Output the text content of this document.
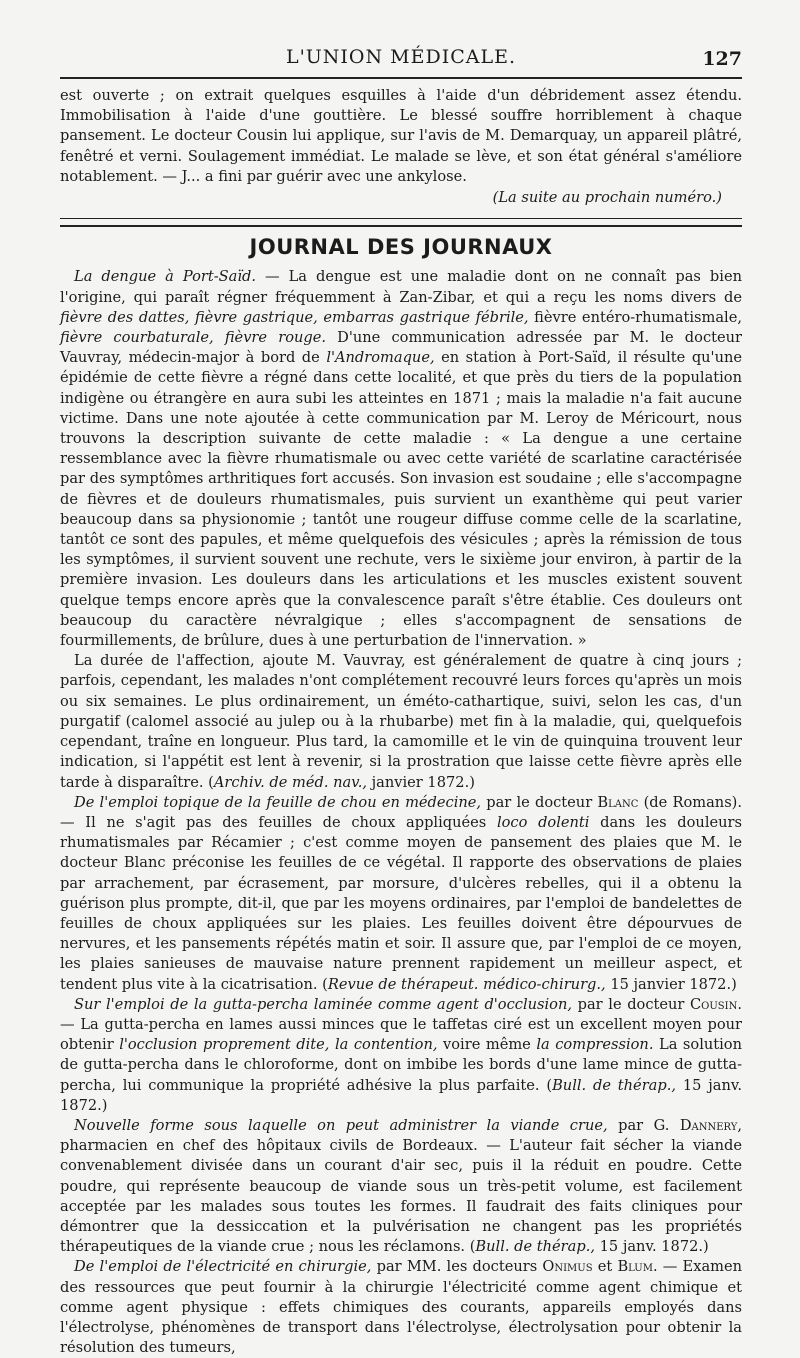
L'UNION MÉDICALE.	127

est ouverte ; on extrait quelques esquilles à l'aide d'un débridement assez étendu. Immobilisation à l'aide d'une gouttière. Le blessé souffre horriblement à chaque pansement. Le docteur Cousin lui applique, sur l'avis de M. Demarquay, un appareil plâtré, fenêtré et verni. Soulagement immédiat. Le malade se lève, et son état général s'améliore notablement. — J... a fini par guérir avec une ankylose.

(La suite au prochain numéro.)

JOURNAL DES JOURNAUX

La dengue à Port-Saïd. — La dengue est une maladie dont on ne connaît pas bien l'origine, qui paraît régner fréquemment à Zan-Zibar, et qui a reçu les noms divers de fièvre des dattes, fièvre gastrique, embarras gastrique fébrile, fièvre entéro-rhumatismale, fièvre courbaturale, fièvre rouge. D'une communication adressée par M. le docteur Vauvray, médecin-major à bord de l'Andromaque, en station à Port-Saïd, il résulte qu'une épidémie de cette fièvre a régné dans cette localité, et que près du tiers de la population indigène ou étrangère en aura subi les atteintes en 1871 ; mais la maladie n'a fait aucune victime. Dans une note ajoutée à cette communication par M. Leroy de Méricourt, nous trouvons la description suivante de cette maladie : « La dengue a une certaine ressemblance avec la fièvre rhumatismale ou avec cette variété de scarlatine caractérisée par des symptômes arthritiques fort accusés. Son invasion est soudaine ; elle s'accompagne de fièvres et de douleurs rhumatismales, puis survient un exanthème qui peut varier beaucoup dans sa physionomie ; tantôt une rougeur diffuse comme celle de la scarlatine, tantôt ce sont des papules, et même quelquefois des vésicules ; après la rémission de tous les symptômes, il survient souvent une rechute, vers le sixième jour environ, à partir de la première invasion. Les douleurs dans les articulations et les muscles existent souvent quelque temps encore après que la convalescence paraît s'être établie. Ces douleurs ont beaucoup du caractère névralgique ; elles s'accompagnent de sensations de fourmillements, de brûlure, dues à une perturbation de l'innervation. »

La durée de l'affection, ajoute M. Vauvray, est généralement de quatre à cinq jours ; parfois, cependant, les malades n'ont complétement recouvré leurs forces qu'après un mois ou six semaines. Le plus ordinairement, un éméto-cathartique, suivi, selon les cas, d'un purgatif (calomel associé au julep ou à la rhubarbe) met fin à la maladie, qui, quelquefois cependant, traîne en longueur. Plus tard, la camomille et le vin de quinquina trouvent leur indication, si l'appétit est lent à revenir, si la prostration que laisse cette fièvre après elle tarde à disparaître. (Archiv. de méd. nav., janvier 1872.)

De l'emploi topique de la feuille de chou en médecine, par le docteur Blanc (de Romans). — Il ne s'agit pas des feuilles de choux appliquées loco dolenti dans les douleurs rhumatismales par Récamier ; c'est comme moyen de pansement des plaies que M. le docteur Blanc préconise les feuilles de ce végétal. Il rapporte des observations de plaies par arrachement, par écrasement, par morsure, d'ulcères rebelles, qui il a obtenu la guérison plus prompte, dit-il, que par les moyens ordinaires, par l'emploi de bandelettes de feuilles de choux appliquées sur les plaies. Les feuilles doivent être dépourvues de nervures, et les pansements répétés matin et soir. Il assure que, par l'emploi de ce moyen, les plaies sanieuses de mauvaise nature prennent rapidement un meilleur aspect, et tendent plus vite à la cicatrisation. (Revue de thérapeut. médico-chirurg., 15 janvier 1872.)

Sur l'emploi de la gutta-percha laminée comme agent d'occlusion, par le docteur Cousin. — La gutta-percha en lames aussi minces que le taffetas ciré est un excellent moyen pour obtenir l'occlusion proprement dite, la contention, voire même la compression. La solution de gutta-percha dans le chloroforme, dont on imbibe les bords d'une lame mince de gutta-percha, lui communique la propriété adhésive la plus parfaite. (Bull. de thérap., 15 janv. 1872.)

Nouvelle forme sous laquelle on peut administrer la viande crue, par G. Dannery, pharmacien en chef des hôpitaux civils de Bordeaux. — L'auteur fait sécher la viande convenablement divisée dans un courant d'air sec, puis il la réduit en poudre. Cette poudre, qui représente beaucoup de viande sous un très-petit volume, est facilement acceptée par les malades sous toutes les formes. Il faudrait des faits cliniques pour démontrer que la dessiccation et la pulvérisation ne changent pas les propriétés thérapeutiques de la viande crue ; nous les réclamons. (Bull. de thérap., 15 janv. 1872.)

De l'emploi de l'électricité en chirurgie, par MM. les docteurs Onimus et Blum. — Examen des ressources que peut fournir à la chirurgie l'électricité comme agent chimique et comme agent physique : effets chimiques des courants, appareils employés dans l'électrolyse, phénomènes de transport dans l'électrolyse, électrolysation pour obtenir la résolution des tumeurs,
